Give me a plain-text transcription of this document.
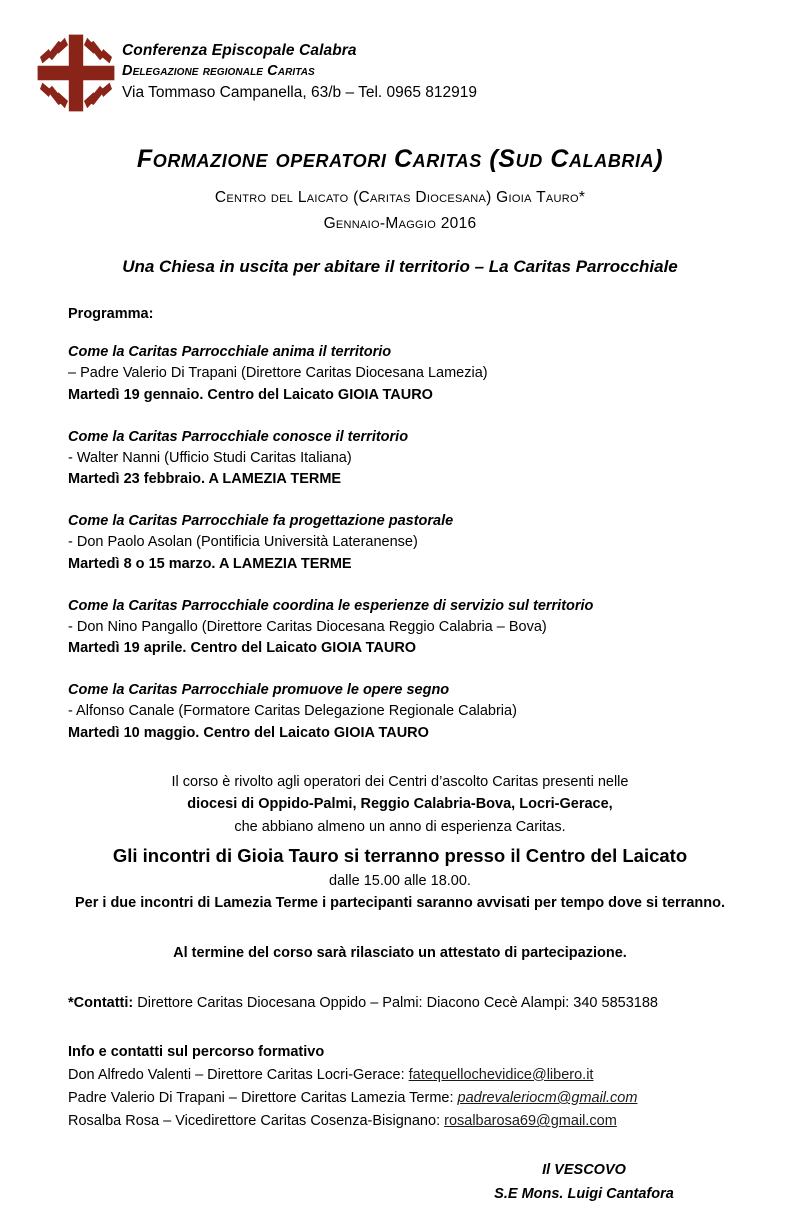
Conferenza Episcopale Calabra
Delegazione regionale Caritas
Via Tommaso Campanella, 63/b – Tel. 0965 812919
Formazione operatori Caritas (Sud Calabria)
Centro del Laicato (Caritas Diocesana) Gioia Tauro*
Gennaio-Maggio 2016
Una Chiesa in uscita per abitare il territorio – La Caritas Parrocchiale
Programma:
Come la Caritas Parrocchiale anima il territorio
– Padre Valerio Di Trapani (Direttore Caritas Diocesana Lamezia)
Martedì 19 gennaio. Centro del Laicato GIOIA TAURO
Come la Caritas Parrocchiale conosce il territorio
- Walter Nanni (Ufficio Studi Caritas Italiana)
Martedì 23 febbraio. A LAMEZIA TERME
Come la Caritas Parrocchiale fa progettazione pastorale
- Don Paolo Asolan (Pontificia Università Lateranense)
Martedì 8 o 15 marzo. A LAMEZIA TERME
Come la Caritas Parrocchiale coordina le esperienze di servizio sul territorio
- Don Nino Pangallo (Direttore Caritas Diocesana Reggio Calabria – Bova)
Martedì 19 aprile. Centro del Laicato GIOIA TAURO
Come la Caritas Parrocchiale promuove le opere segno
- Alfonso Canale (Formatore Caritas Delegazione Regionale Calabria)
Martedì 10 maggio. Centro del Laicato GIOIA TAURO
Il corso è rivolto agli operatori dei Centri d’ascolto Caritas presenti nelle
diocesi di Oppido-Palmi, Reggio Calabria-Bova, Locri-Gerace,
che abbiano almeno un anno di esperienza Caritas.
Gli incontri di Gioia Tauro si terranno presso il Centro del Laicato
dalle 15.00 alle 18.00.
Per i due incontri di Lamezia Terme i partecipanti saranno avvisati per tempo dove si terranno.
Al termine del corso sarà rilasciato un attestato di partecipazione.
*Contatti: Direttore Caritas Diocesana Oppido – Palmi: Diacono Cecè Alampi: 340 5853188
Info e contatti sul percorso formativo
Don Alfredo Valenti – Direttore Caritas Locri-Gerace: fatequellochevidice@libero.it
Padre Valerio Di Trapani – Direttore Caritas Lamezia Terme: padrevaleriocm@gmail.com
Rosalba Rosa – Vicedirettore Caritas Cosenza-Bisignano: rosalbarosa69@gmail.com
Il VESCOVO
S.E Mons. Luigi Cantafora
